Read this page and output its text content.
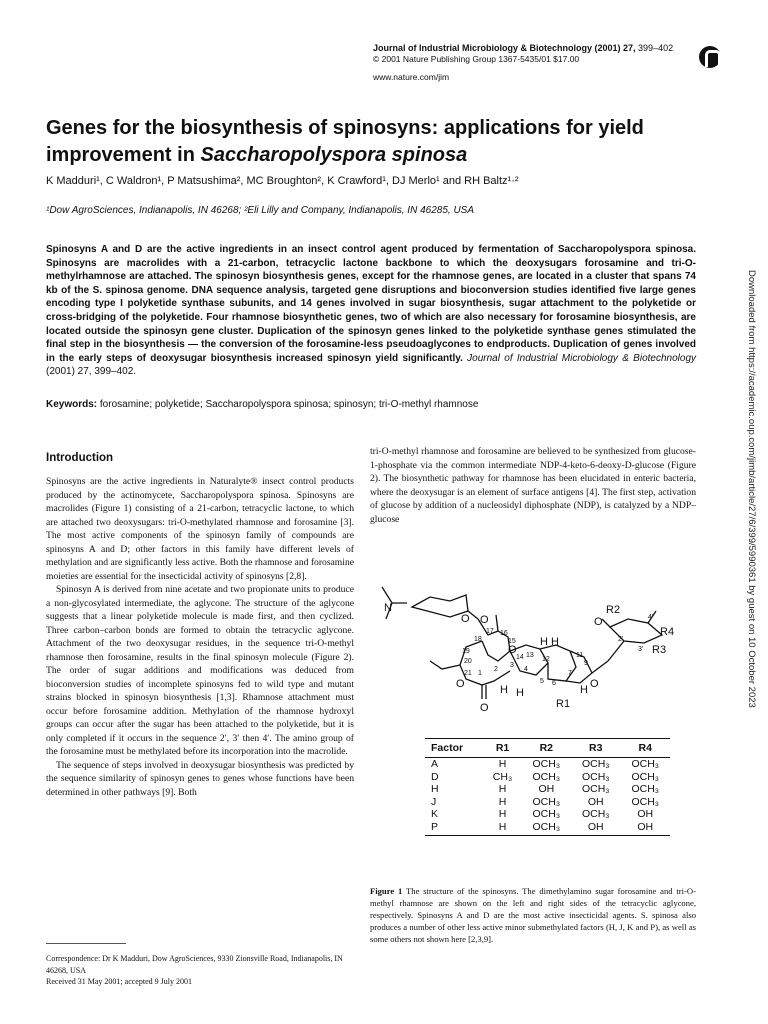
Journal of Industrial Microbiology & Biotechnology (2001) 27, 399–402
© 2001 Nature Publishing Group 1367-5435/01 $17.00
www.nature.com/jim
Genes for the biosynthesis of spinosyns: applications for yield improvement in Saccharopolyspora spinosa
K Madduri¹, C Waldron¹, P Matsushima², MC Broughton², K Crawford¹, DJ Merlo¹ and RH Baltz¹·²
¹Dow AgroSciences, Indianapolis, IN 46268; ²Eli Lilly and Company, Indianapolis, IN 46285, USA
Spinosyns A and D are the active ingredients in an insect control agent produced by fermentation of Saccharopolyspora spinosa. Spinosyns are macrolides with a 21-carbon, tetracyclic lactone backbone to which the deoxysugars forosamine and tri-O-methylrhamnose are attached. The spinosyn biosynthesis genes, except for the rhamnose genes, are located in a cluster that spans 74 kb of the S. spinosa genome. DNA sequence analysis, targeted gene disruptions and bioconversion studies identified five large genes encoding type I polyketide synthase subunits, and 14 genes involved in sugar biosynthesis, sugar attachment to the polyketide or cross-bridging of the polyketide. Four rhamnose biosynthetic genes, two of which are also necessary for forosamine biosynthesis, are located outside the spinosyn gene cluster. Duplication of the spinosyn genes linked to the polyketide synthase genes stimulated the final step in the biosynthesis — the conversion of the forosamine-less pseudoaglycones to endproducts. Duplication of genes involved in the early steps of deoxysugar biosynthesis increased spinosyn yield significantly. Journal of Industrial Microbiology & Biotechnology (2001) 27, 399–402.
Keywords: forosamine; polyketide; Saccharopolyspora spinosa; spinosyn; tri-O-methyl rhamnose	Downloaded from https://academic.oup.com/jimb/article/27/6/399/5990361 by guest on 10 October 2023
Introduction

Spinosyns are the active ingredients in Naturalyte® insect control products produced by the actinomycete, Saccharopolyspora spinosa. Spinosyns are macrolides (Figure 1) consisting of a 21-carbon, tetracyclic lactone, to which are attached two deoxysugars: tri-O-methylated rhamnose and forosamine [3]. The most active components of the spinosyn family of compounds are spinosyns A and D; other factors in this family have different levels of methylation and are significantly less active. Both the rhamnose and forosamine moieties are essential for the insecticidal activity of spinosyns [2,8].

Spinosyn A is derived from nine acetate and two propionate units to produce a non-glycosylated intermediate, the aglycone. The structure of the aglycone suggests that a linear polyketide molecule is made first, and then cyclized. Three carbon–carbon bonds are formed to obtain the tetracyclic aglycone. Attachment of the two deoxysugar residues, in the sequence tri-O-methyl rhamnose then forosamine, results in the final spinosyn molecule (Figure 2). The order of sugar additions and modifications was deduced from bioconversion studies of incomplete spinosyns fed to wild type and mutant strains blocked in spinosyn biosynthesis [1,3]. Rhamnose attachment must occur before forosamine addition. Methylation of the rhamnose hydroxyl groups can occur after the sugar has been attached to the polyketide, but it is only completed if it occurs in the sequence 2′, 3′ then 4′. The amino group of the forosamine must be methylated before its incorporation into the macrolide.

The sequence of steps involved in deoxysugar biosynthesis was predicted by the sequence similarity of spinosyn genes to genes whose functions have been determined in other pathways [9]. Both

tri-O-methyl rhamnose and forosamine are believed to be synthesized from glucose-1-phosphate via the common intermediate NDP-4-keto-6-deoxy-D-glucose (Figure 2). The biosynthetic pathway for rhamnose has been elucidated in enteric bacteria, where the deoxysugar is an element of surface antigens [4]. The first step, activation of glucose by addition of a nucleosidyl diphosphate (NDP), is catalyzed by a NDP–glucose

N
O
O
O
O
O
O
O
H H
H H	H
R2
R4
R3
R1
1
2
3
4
5 6
7
9
11
12
13
14
15
16
17
18
19
20
21
2′
3′
4′
Factor	R1	R2	R3	R4
A	H	OCH₃	OCH₃	OCH₃
D	CH₃	OCH₃	OCH₃	OCH₃
H	H	OH	OCH₃	OCH₃
J	H	OCH₃	OH	OCH₃
K	H	OCH₃	OCH₃	OH
P	H	OCH₃	OH	OH
Figure 1 The structure of the spinosyns. The dimethylamino sugar forosamine and tri-O-methyl rhamnose are shown on the left and right sides of the tetracyclic aglycone, respectively. Spinosyns A and D are the most active insecticidal agents. S. spinosa also produces a number of other less active minor submethylated factors (H, J, K and P), as well as some others not shown here [2,3,9].
Correspondence: Dr K Madduri, Dow AgroSciences, 9330 Zionsville Road, Indianapolis, IN 46268, USA
Received 31 May 2001; accepted 9 July 2001
